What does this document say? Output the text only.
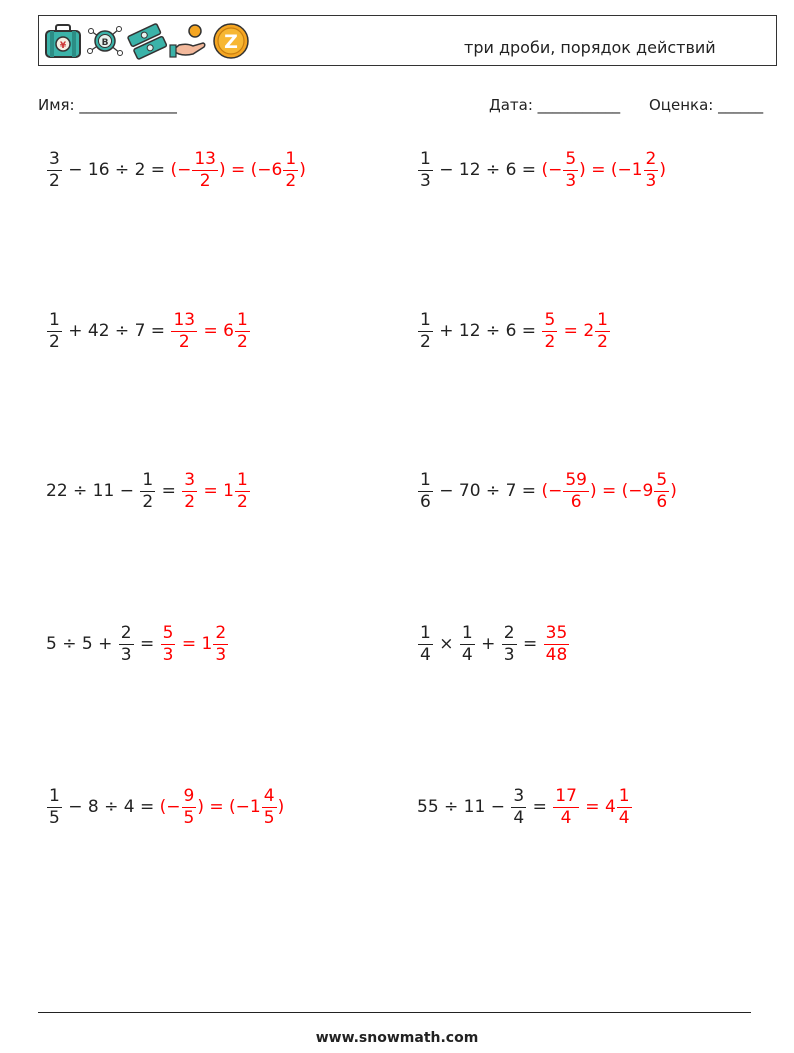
¥	B	Z	три дроби, порядок действий
Имя: _____________	Дата: ___________ Оценка: ______
$\frac{3}{2} - 16 \div 2$ = (− $\frac{13}{2}$ ) = ($-6 \frac{1}{2}$ )	$\frac{1}{3} - 12 \div 6$ = (− $\frac{5}{3}$ ) = ($-1 \frac{2}{3}$ )
$\frac{1}{2} + 42 \div 7 = \frac{13}{2} = 6 \frac{1}{2}$	$\frac{1}{2} + 12 \div 6 = \frac{5}{2} = 2 \frac{1}{2}$
$22 \div 11 - \frac{1}{2} = \frac{3}{2} = 1 \frac{1}{2}$	$\frac{1}{6} - 70 \div 7$ = (− $\frac{59}{6}$ ) = ($-9 \frac{5}{6}$ )
$5 \div 5 + \frac{2}{3} = \frac{5}{3} = 1 \frac{2}{3}$	$\frac{1}{4} \times \frac{1}{4} + \frac{2}{3} = \frac{35}{48}$
$\frac{1}{5} - 8 \div 4$ = (− $\frac{9}{5}$ ) = ($-1 \frac{4}{5}$ )	$55 \div 11 - \frac{3}{4} = \frac{17}{4} = 4 \frac{1}{4}$
www.snowmath.com
